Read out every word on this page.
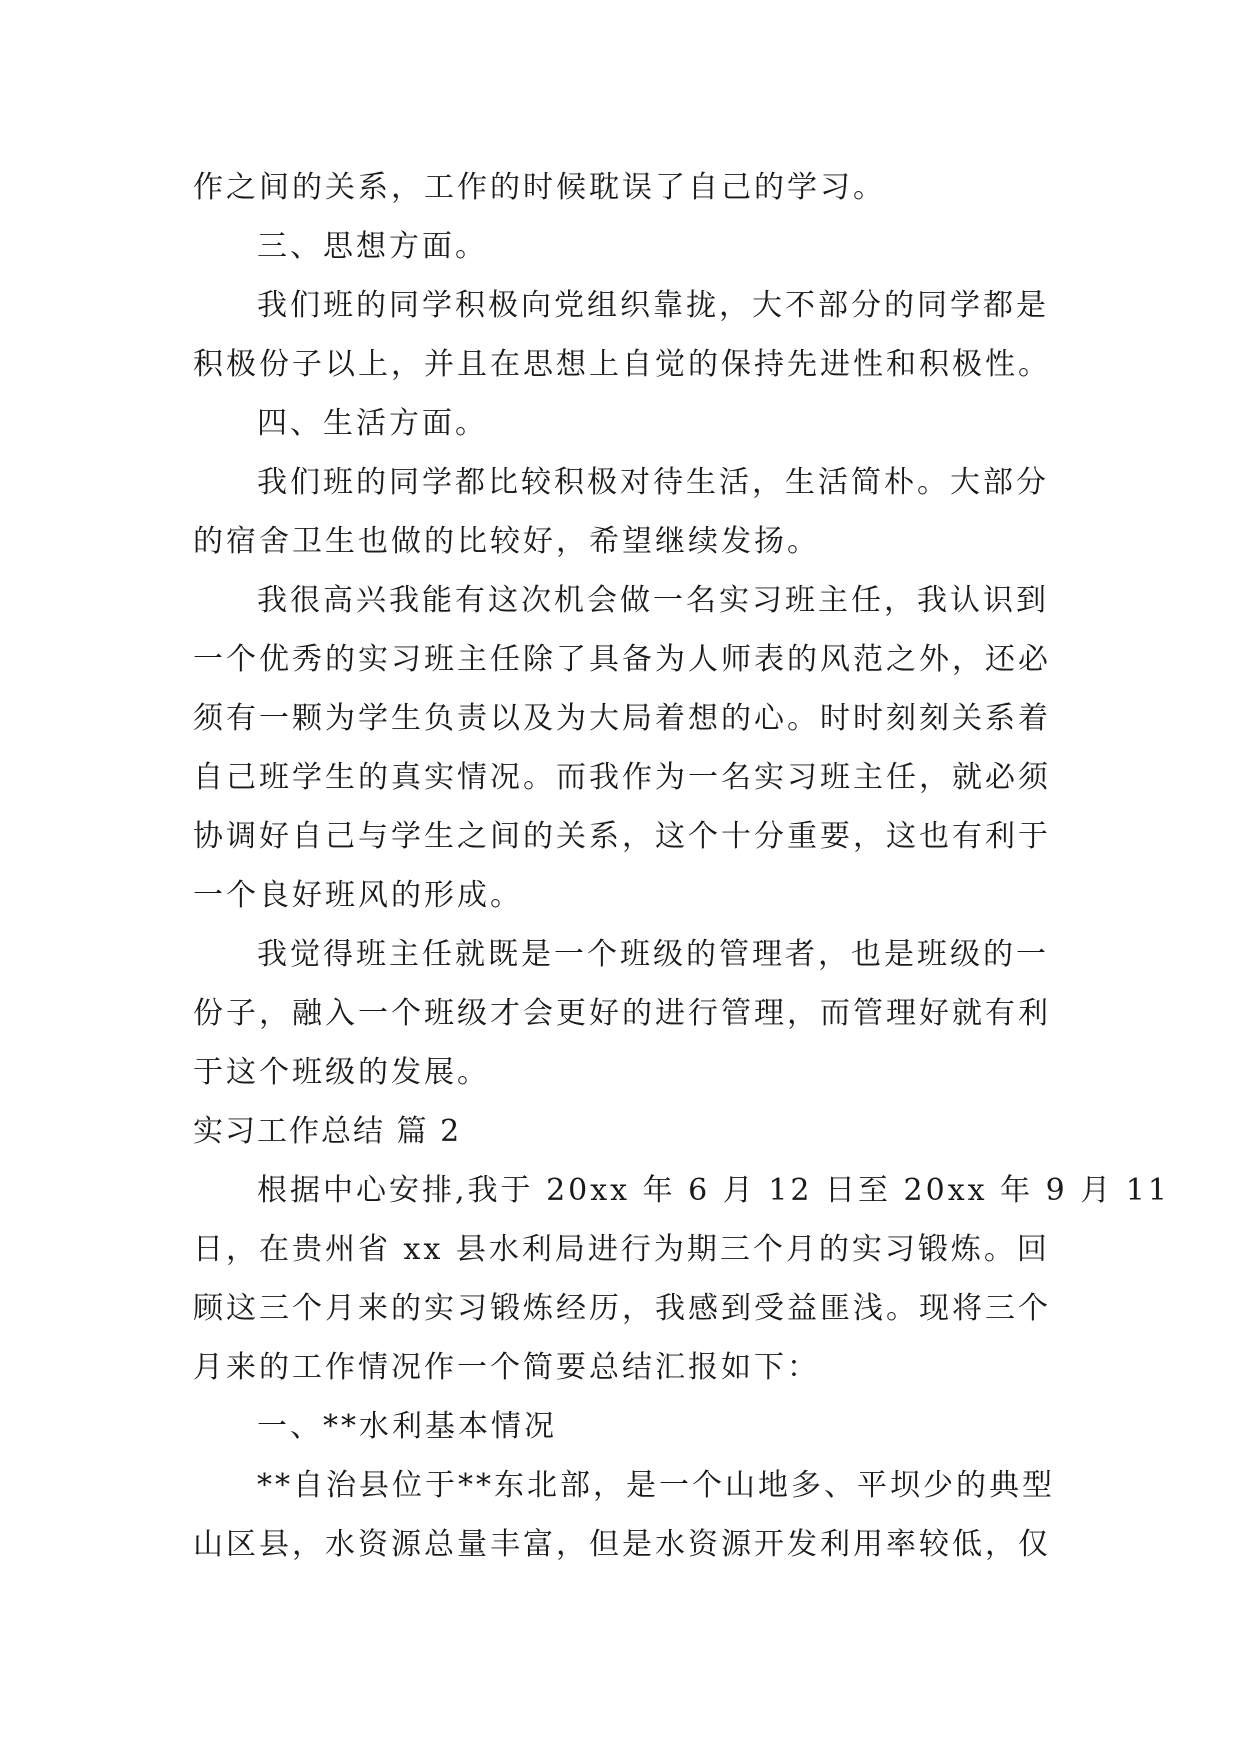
作之间的关系，工作的时候耽误了自己的学习。
三、思想方面。
我们班的同学积极向党组织靠拢，大不部分的同学都是
积极份子以上，并且在思想上自觉的保持先进性和积极性。
四、生活方面。
我们班的同学都比较积极对待生活，生活简朴。大部分
的宿舍卫生也做的比较好，希望继续发扬。
我很高兴我能有这次机会做一名实习班主任，我认识到
一个优秀的实习班主任除了具备为人师表的风范之外，还必
须有一颗为学生负责以及为大局着想的心。时时刻刻关系着
自己班学生的真实情况。而我作为一名实习班主任，就必须
协调好自己与学生之间的关系，这个十分重要，这也有利于
一个良好班风的形成。
我觉得班主任就既是一个班级的管理者，也是班级的一
份子，融入一个班级才会更好的进行管理，而管理好就有利
于这个班级的发展。
实习工作总结 篇 2
根据中心安排,我于 20xx 年 6 月 12 日至 20xx 年 9 月 11
日，在贵州省 xx 县水利局进行为期三个月的实习锻炼。回
顾这三个月来的实习锻炼经历，我感到受益匪浅。现将三个
月来的工作情况作一个简要总结汇报如下：
一、**水利基本情况
**自治县位于**东北部，是一个山地多、平坝少的典型
山区县，水资源总量丰富，但是水资源开发利用率较低，仅
